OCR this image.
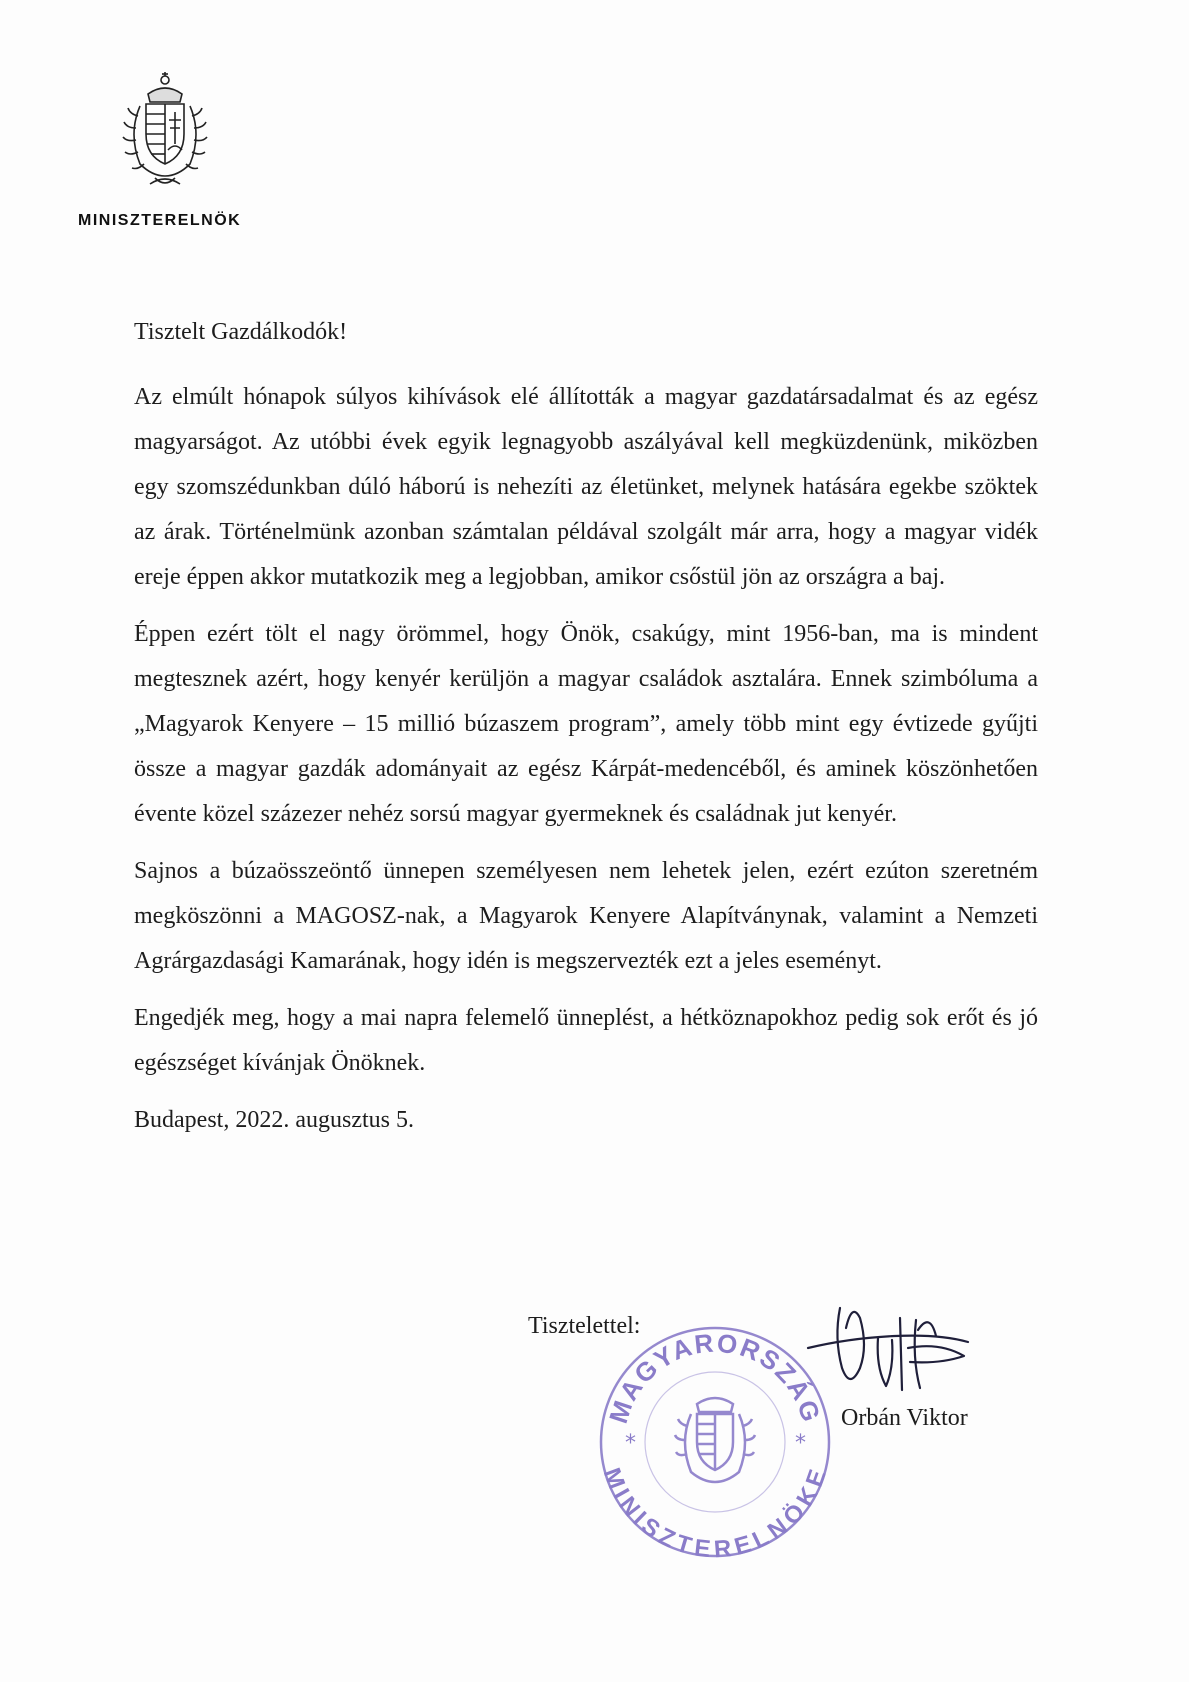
MINISZTERELNÖK

Tisztelt Gazdálkodók!

Az elmúlt hónapok súlyos kihívások elé állították a magyar gazdatársadalmat és az egész magyarságot. Az utóbbi évek egyik legnagyobb aszályával kell megküzdenünk, miközben egy szomszédunkban dúló háború is nehezíti az életünket, melynek hatására egekbe szöktek az árak. Történelmünk azonban számtalan példával szolgált már arra, hogy a magyar vidék ereje éppen akkor mutatkozik meg a legjobban, amikor csőstül jön az országra a baj.

Éppen ezért tölt el nagy örömmel, hogy Önök, csakúgy, mint 1956-ban, ma is mindent megtesznek azért, hogy kenyér kerüljön a magyar családok asztalára. Ennek szimbóluma a „Magyarok Kenyere – 15 millió búzaszem program”, amely több mint egy évtizede gyűjti össze a magyar gazdák adományait az egész Kárpát-medencéből, és aminek köszönhetően évente közel százezer nehéz sorsú magyar gyermeknek és családnak jut kenyér.

Sajnos a búzaösszeöntő ünnepen személyesen nem lehetek jelen, ezért ezúton szeretném megköszönni a MAGOSZ-nak, a Magyarok Kenyere Alapítványnak, valamint a Nemzeti Agrárgazdasági Kamarának, hogy idén is megszervezték ezt a jeles eseményt.

Engedjék meg, hogy a mai napra felemelő ünneplést, a hétköznapokhoz pedig sok erőt és jó egészséget kívánjak Önöknek.

Budapest, 2022. augusztus 5.

Tisztelettel:
MAGYARORSZÁG
MINISZTERELNÖKE
*	*
Orbán Viktor
